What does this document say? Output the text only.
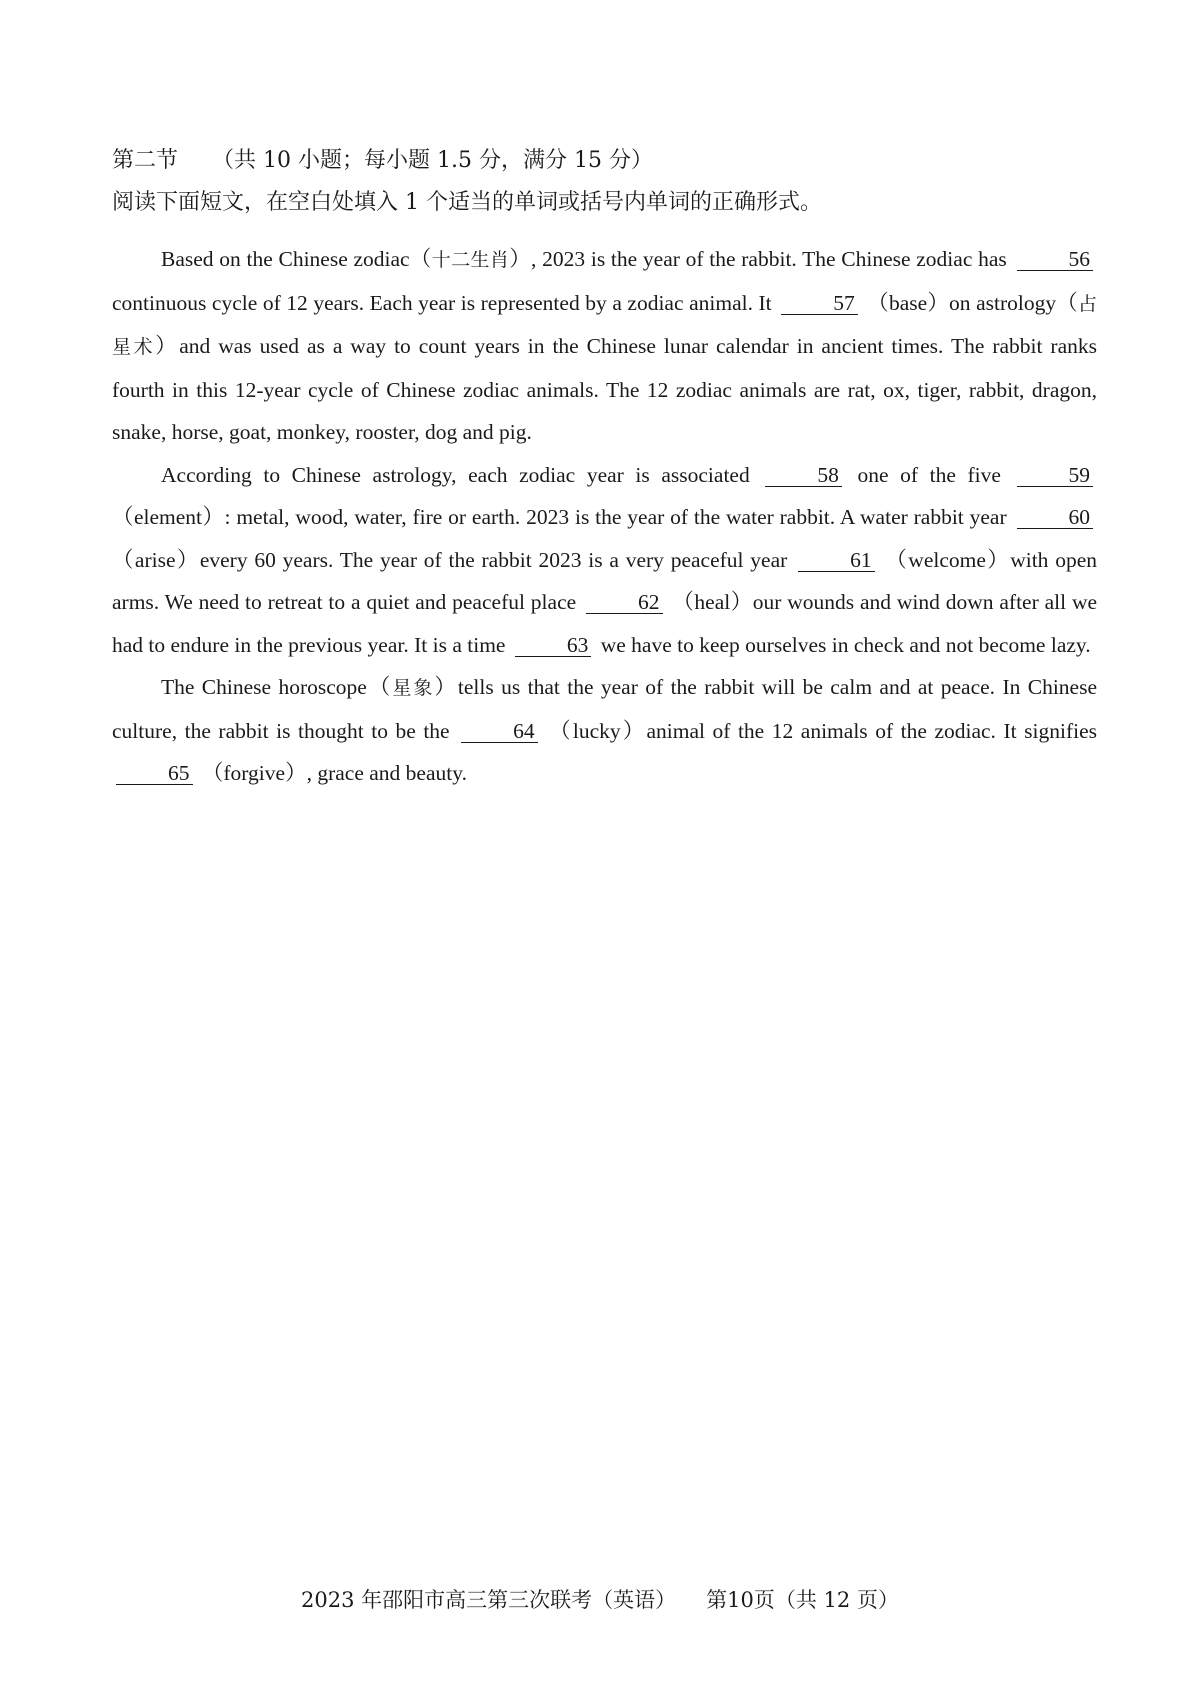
第二节 （共 10 小题；每小题 1.5 分，满分 15 分）
阅读下面短文，在空白处填入 1 个适当的单词或括号内单词的正确形式。

Based on the Chinese zodiac（十二生肖）, 2023 is the year of the rabbit. The Chinese zodiac has	56 continuous cycle of 12 years. Each year is represented by a zodiac animal. It	57 （base）on astrology（占星术）and was used as a way to count years in the Chinese lunar calendar in ancient times. The rabbit ranks fourth in this 12-year cycle of Chinese zodiac animals. The 12 zodiac animals are rat, ox, tiger, rabbit, dragon, snake, horse, goat, monkey, rooster, dog and pig.

According to Chinese astrology, each zodiac year is associated	58 one of the five	59 （element）: metal, wood, water, fire or earth. 2023 is the year of the water rabbit. A water rabbit year	60 （arise）every 60 years. The year of the rabbit 2023 is a very peaceful year	61 （welcome）with open arms. We need to retreat to a quiet and peaceful place	62 （heal）our wounds and wind down after all we had to endure in the previous year. It is a time	63 we have to keep ourselves in check and not become lazy.

The Chinese horoscope（星象）tells us that the year of the rabbit will be calm and at peace. In Chinese culture, the rabbit is thought to be the	64 （lucky）animal of the 12 animals of the zodiac. It signifies 65 （forgive）, grace and beauty.

2023 年邵阳市高三第三次联考（英语） 第10页（共 12 页）
